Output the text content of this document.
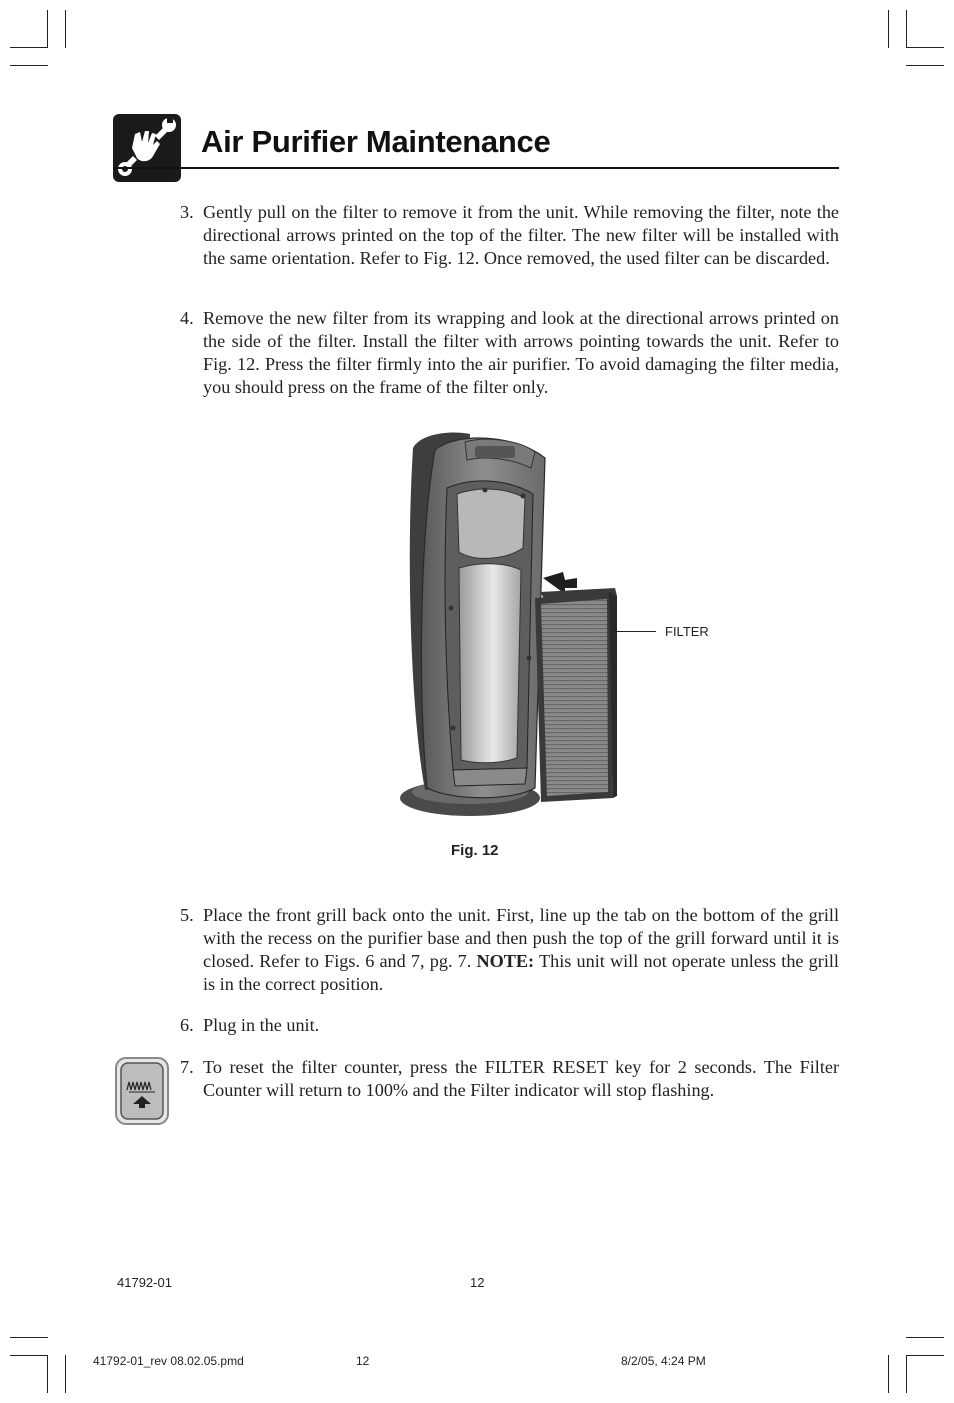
Air Purifier Maintenance
3. Gently pull on the filter to remove it from the unit. While removing the filter, note the directional arrows printed on the top of the filter. The new filter will be installed with the same orientation. Refer to Fig. 12. Once removed, the used filter can be discarded.
4. Remove the new filter from its wrapping and look at the directional arrows printed on the side of the filter. Install the filter with arrows pointing towards the unit. Refer to Fig. 12. Press the filter firmly into the air purifier. To avoid damaging the filter media, you should press on the frame of the filter only.
FILTER
Fig. 12
5. Place the front grill back onto the unit. First, line up the tab on the bottom of the grill with the recess on the purifier base and then push the top of the grill forward until it is closed. Refer to Figs. 6 and 7, pg. 7. NOTE: This unit will not operate unless the grill is in the correct position.
6. Plug in the unit.
7. To reset the filter counter, press the FILTER RESET key for 2 seconds. The Filter Counter will return to 100% and the Filter indicator will stop flashing.
41792-01	12
41792-01_rev 08.02.05.pmd	12	8/2/05, 4:24 PM
